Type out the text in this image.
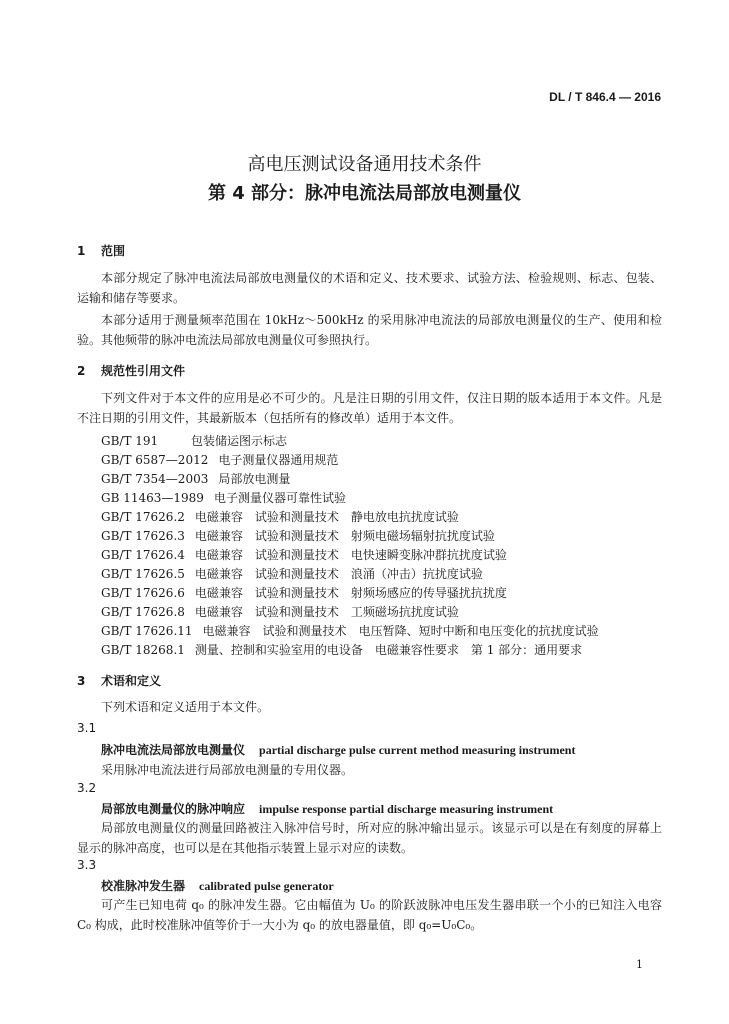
DL / T 846.4 — 2016
高电压测试设备通用技术条件
第 4 部分：脉冲电流法局部放电测量仪
1 范围
本部分规定了脉冲电流法局部放电测量仪的术语和定义、技术要求、试验方法、检验规则、标志、包装、运输和储存等要求。
本部分适用于测量频率范围在 10kHz～500kHz 的采用脉冲电流法的局部放电测量仪的生产、使用和检验。其他频带的脉冲电流法局部放电测量仪可参照执行。
2 规范性引用文件
下列文件对于本文件的应用是必不可少的。凡是注日期的引用文件，仅注日期的版本适用于本文件。凡是不注日期的引用文件，其最新版本（包括所有的修改单）适用于本文件。
GB/T 191	包装储运图示标志
GB/T 6587—2012 电子测量仪器通用规范
GB/T 7354—2003 局部放电测量
GB 11463—1989 电子测量仪器可靠性试验
GB/T 17626.2 电磁兼容 试验和测量技术 静电放电抗扰度试验
GB/T 17626.3 电磁兼容 试验和测量技术 射频电磁场辐射抗扰度试验
GB/T 17626.4 电磁兼容 试验和测量技术 电快速瞬变脉冲群抗扰度试验
GB/T 17626.5 电磁兼容 试验和测量技术 浪涌（冲击）抗扰度试验
GB/T 17626.6 电磁兼容 试验和测量技术 射频场感应的传导骚扰抗扰度
GB/T 17626.8 电磁兼容 试验和测量技术 工频磁场抗扰度试验
GB/T 17626.11 电磁兼容 试验和测量技术 电压暂降、短时中断和电压变化的抗扰度试验
GB/T 18268.1 测量、控制和实验室用的电设备 电磁兼容性要求 第 1 部分：通用要求
3 术语和定义
下列术语和定义适用于本文件。
3.1
脉冲电流法局部放电测量仪 partial discharge pulse current method measuring instrument
采用脉冲电流法进行局部放电测量的专用仪器。
3.2
局部放电测量仪的脉冲响应 impulse response partial discharge measuring instrument
局部放电测量仪的测量回路被注入脉冲信号时，所对应的脉冲输出显示。该显示可以是在有刻度的屏幕上显示的脉冲高度，也可以是在其他指示装置上显示对应的读数。
3.3
校准脉冲发生器 calibrated pulse generator
可产生已知电荷 q₀ 的脉冲发生器。它由幅值为 U₀ 的阶跃波脉冲电压发生器串联一个小的已知注入电容 C₀ 构成，此时校准脉冲值等价于一大小为 q₀ 的放电器量值，即 q₀=U₀C₀。
1
